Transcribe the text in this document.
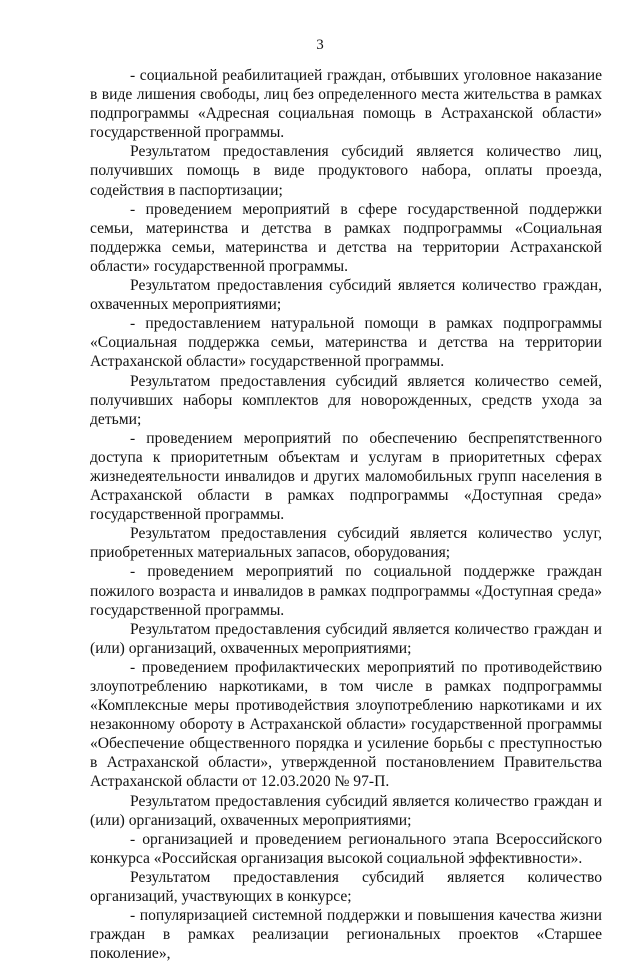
3

- социальной реабилитацией граждан, отбывших уголовное наказание в виде лишения свободы, лиц без определенного места жительства в рамках подпрограммы «Адресная социальная помощь в Астраханской области» государственной программы.

Результатом предоставления субсидий является количество лиц, получивших помощь в виде продуктового набора, оплаты проезда, содействия в паспортизации;

- проведением мероприятий в сфере государственной поддержки семьи, материнства и детства в рамках подпрограммы «Социальная поддержка семьи, материнства и детства на территории Астраханской области» государственной программы.

Результатом предоставления субсидий является количество граждан, охваченных мероприятиями;

- предоставлением натуральной помощи в рамках подпрограммы «Социальная поддержка семьи, материнства и детства на территории Астраханской области» государственной программы.

Результатом предоставления субсидий является количество семей, получивших наборы комплектов для новорожденных, средств ухода за детьми;

- проведением мероприятий по обеспечению беспрепятственного доступа к приоритетным объектам и услугам в приоритетных сферах жизнедеятельности инвалидов и других маломобильных групп населения в Астраханской области в рамках подпрограммы «Доступная среда» государственной программы.

Результатом предоставления субсидий является количество услуг, приобретенных материальных запасов, оборудования;

- проведением мероприятий по социальной поддержке граждан пожилого возраста и инвалидов в рамках подпрограммы «Доступная среда» государственной программы.

Результатом предоставления субсидий является количество граждан и (или) организаций, охваченных мероприятиями;

- проведением профилактических мероприятий по противодействию злоупотреблению наркотиками, в том числе в рамках подпрограммы «Комплексные меры противодействия злоупотреблению наркотиками и их незаконному обороту в Астраханской области» государственной программы «Обеспечение общественного порядка и усиление борьбы с преступностью в Астраханской области», утвержденной постановлением Правительства Астраханской области от 12.03.2020 № 97-П.

Результатом предоставления субсидий является количество граждан и (или) организаций, охваченных мероприятиями;

- организацией и проведением регионального этапа Всероссийского конкурса «Российская организация высокой социальной эффективности».

Результатом предоставления субсидий является количество организаций, участвующих в конкурсе;

- популяризацией системной поддержки и повышения качества жизни граждан в рамках реализации региональных проектов «Старшее поколение»,
